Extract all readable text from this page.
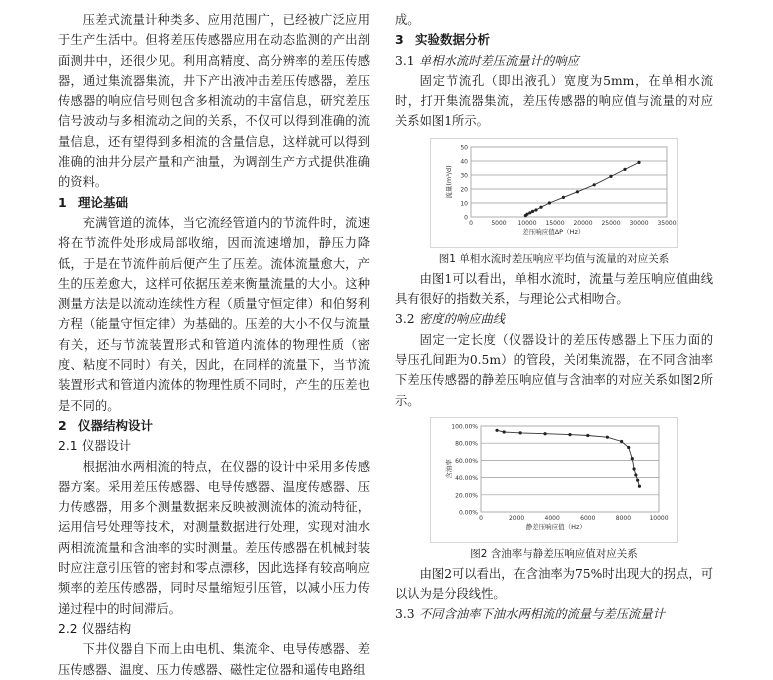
压差式流量计种类多、应用范围广，已经被广泛应用于生产生活中。但将差压传感器应用在动态监测的产出剖面测井中，还很少见。利用高精度、高分辨率的差压传感器，通过集流器集流，井下产出液冲击差压传感器，差压传感器的响应信号则包含多相流动的丰富信息，研究差压信号波动与多相流动之间的关系，不仅可以得到准确的流量信息，还有望得到多相流的含量信息，这样就可以得到准确的油井分层产量和产油量，为调剖生产方式提供准确的资料。

1 理论基础

充满管道的流体，当它流经管道内的节流件时，流速将在节流件处形成局部收缩，因而流速增加，静压力降低，于是在节流件前后便产生了压差。流体流量愈大，产生的压差愈大，这样可依据压差来衡量流量的大小。这种测量方法是以流动连续性方程（质量守恒定律）和伯努利方程（能量守恒定律）为基础的。压差的大小不仅与流量有关，还与节流装置形式和管道内流体的物理性质（密度、粘度不同时）有关，因此，在同样的流量下，当节流装置形式和管道内流体的物理性质不同时，产生的压差也是不同的。

2 仪器结构设计
2.1 仪器设计

根据油水两相流的特点，在仪器的设计中采用多传感器方案。采用差压传感器、电导传感器、温度传感器、压力传感器，用多个测量数据来反映被测流体的流动特征，运用信号处理等技术，对测量数据进行处理，实现对油水两相流流量和含油率的实时测量。差压传感器在机械封装时应注意引压管的密封和零点漂移，因此选择有较高响应频率的差压传感器，同时尽量缩短引压管，以减小压力传递过程中的时间滞后。

2.2 仪器结构

下井仪器自下而上由电机、集流伞、电导传感器、差压传感器、温度、压力传感器、磁性定位器和遥传电路组

成。

3 实验数据分析
3.1 单相水流时差压流量计的响应

固定节流孔（即出液孔）宽度为5mm，在单相水流时，打开集流器集流，差压传感器的响应值与流量的对应关系如图1所示。

0
10
20
30
40
50
0	5000 10000 15000 20000 25000 30000 35000
差压响应值ΔP（Hz）
流量(m³/d)
图1 单相水流时差压响应平均值与流量的对应关系

由图1可以看出，单相水流时，流量与差压响应值曲线具有很好的指数关系，与理论公式相吻合。

3.2 密度的响应曲线

固定一定长度（仪器设计的差压传感器上下压力面的导压孔间距为0.5m）的管段，关闭集流器，在不同含油率下差压传感器的静差压响应值与含油率的对应关系如图2所示。

0.00%
20.00%
40.00%
60.00%
80.00%
100.00%
0	2000	4000	6000	8000	10000
静差压响应值（Hz）
含油率
图2 含油率与静差压响应值对应关系

由图2可以看出，在含油率为75%时出现大的拐点，可以认为是分段线性。

3.3 不同含油率下油水两相流的流量与差压流量计
